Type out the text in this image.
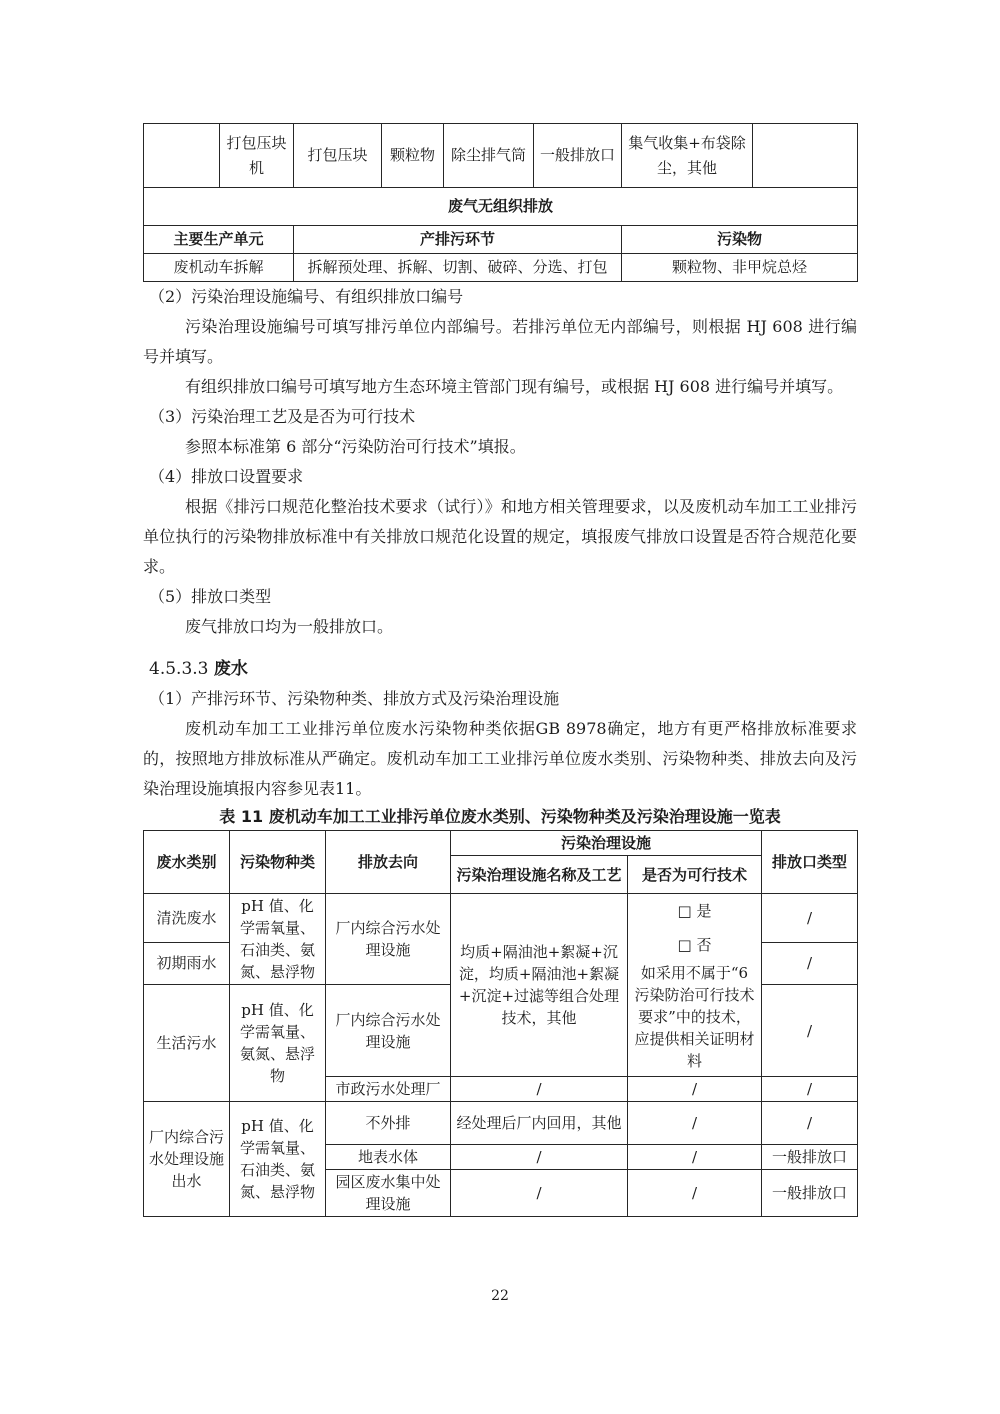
	打包压块机	打包压块	颗粒物	除尘排气筒	一般排放口	集气收集+布袋除尘，其他	
废气无组织排放							
主要生产单元		产排污环节				污染物	
废机动车拆解		拆解预处理、拆解、切割、破碎、分选、打包				颗粒物、非甲烷总烃	

（2）污染治理设施编号、有组织排放口编号

污染治理设施编号可填写排污单位内部编号。若排污单位无内部编号，则根据 HJ 608 进行编号并填写。

有组织排放口编号可填写地方生态环境主管部门现有编号，或根据 HJ 608 进行编号并填写。

（3）污染治理工艺及是否为可行技术

参照本标准第 6 部分“污染防治可行技术”填报。

（4）排放口设置要求

根据《排污口规范化整治技术要求（试行）》和地方相关管理要求，以及废机动车加工工业排污单位执行的污染物排放标准中有关排放口规范化设置的规定，填报废气排放口设置是否符合规范化要求。

（5）排放口类型

废气排放口均为一般排放口。

4.5.3.3 废水

（1）产排污环节、污染物种类、排放方式及污染治理设施

废机动车加工工业排污单位废水污染物种类依据GB 8978确定，地方有更严格排放标准要求的，按照地方排放标准从严确定。废机动车加工工业排污单位废水类别、污染物种类、排放去向及污染治理设施填报内容参见表11。

表 11 废机动车加工工业排污单位废水类别、污染物种类及污染治理设施一览表

废水类别	污染物种类	排放去向	污染治理设施		排放口类型
			污染治理设施名称及工艺	是否为可行技术	
清洗废水	pH 值、化学需氧量、石油类、氨氮、悬浮物	厂内综合污水处理设施	均质+隔油池+絮凝+沉淀，均质+隔油池+絮凝+沉淀+过滤等组合处理技术，其他	□ 是
□ 否
如采用不属于“6 污染防治可行技术要求”中的技术，应提供相关证明材料	/
初期雨水					/
生活污水	pH 值、化学需氧量、氨氮、悬浮物	厂内综合污水处理设施			/
		市政污水处理厂	/	/	/
厂内综合污水处理设施出水	pH 值、化学需氧量、石油类、氨氮、悬浮物	不外排	经处理后厂内回用，其他	/	/
		地表水体	/	/	一般排放口
		园区废水集中处理设施	/	/	一般排放口
22
